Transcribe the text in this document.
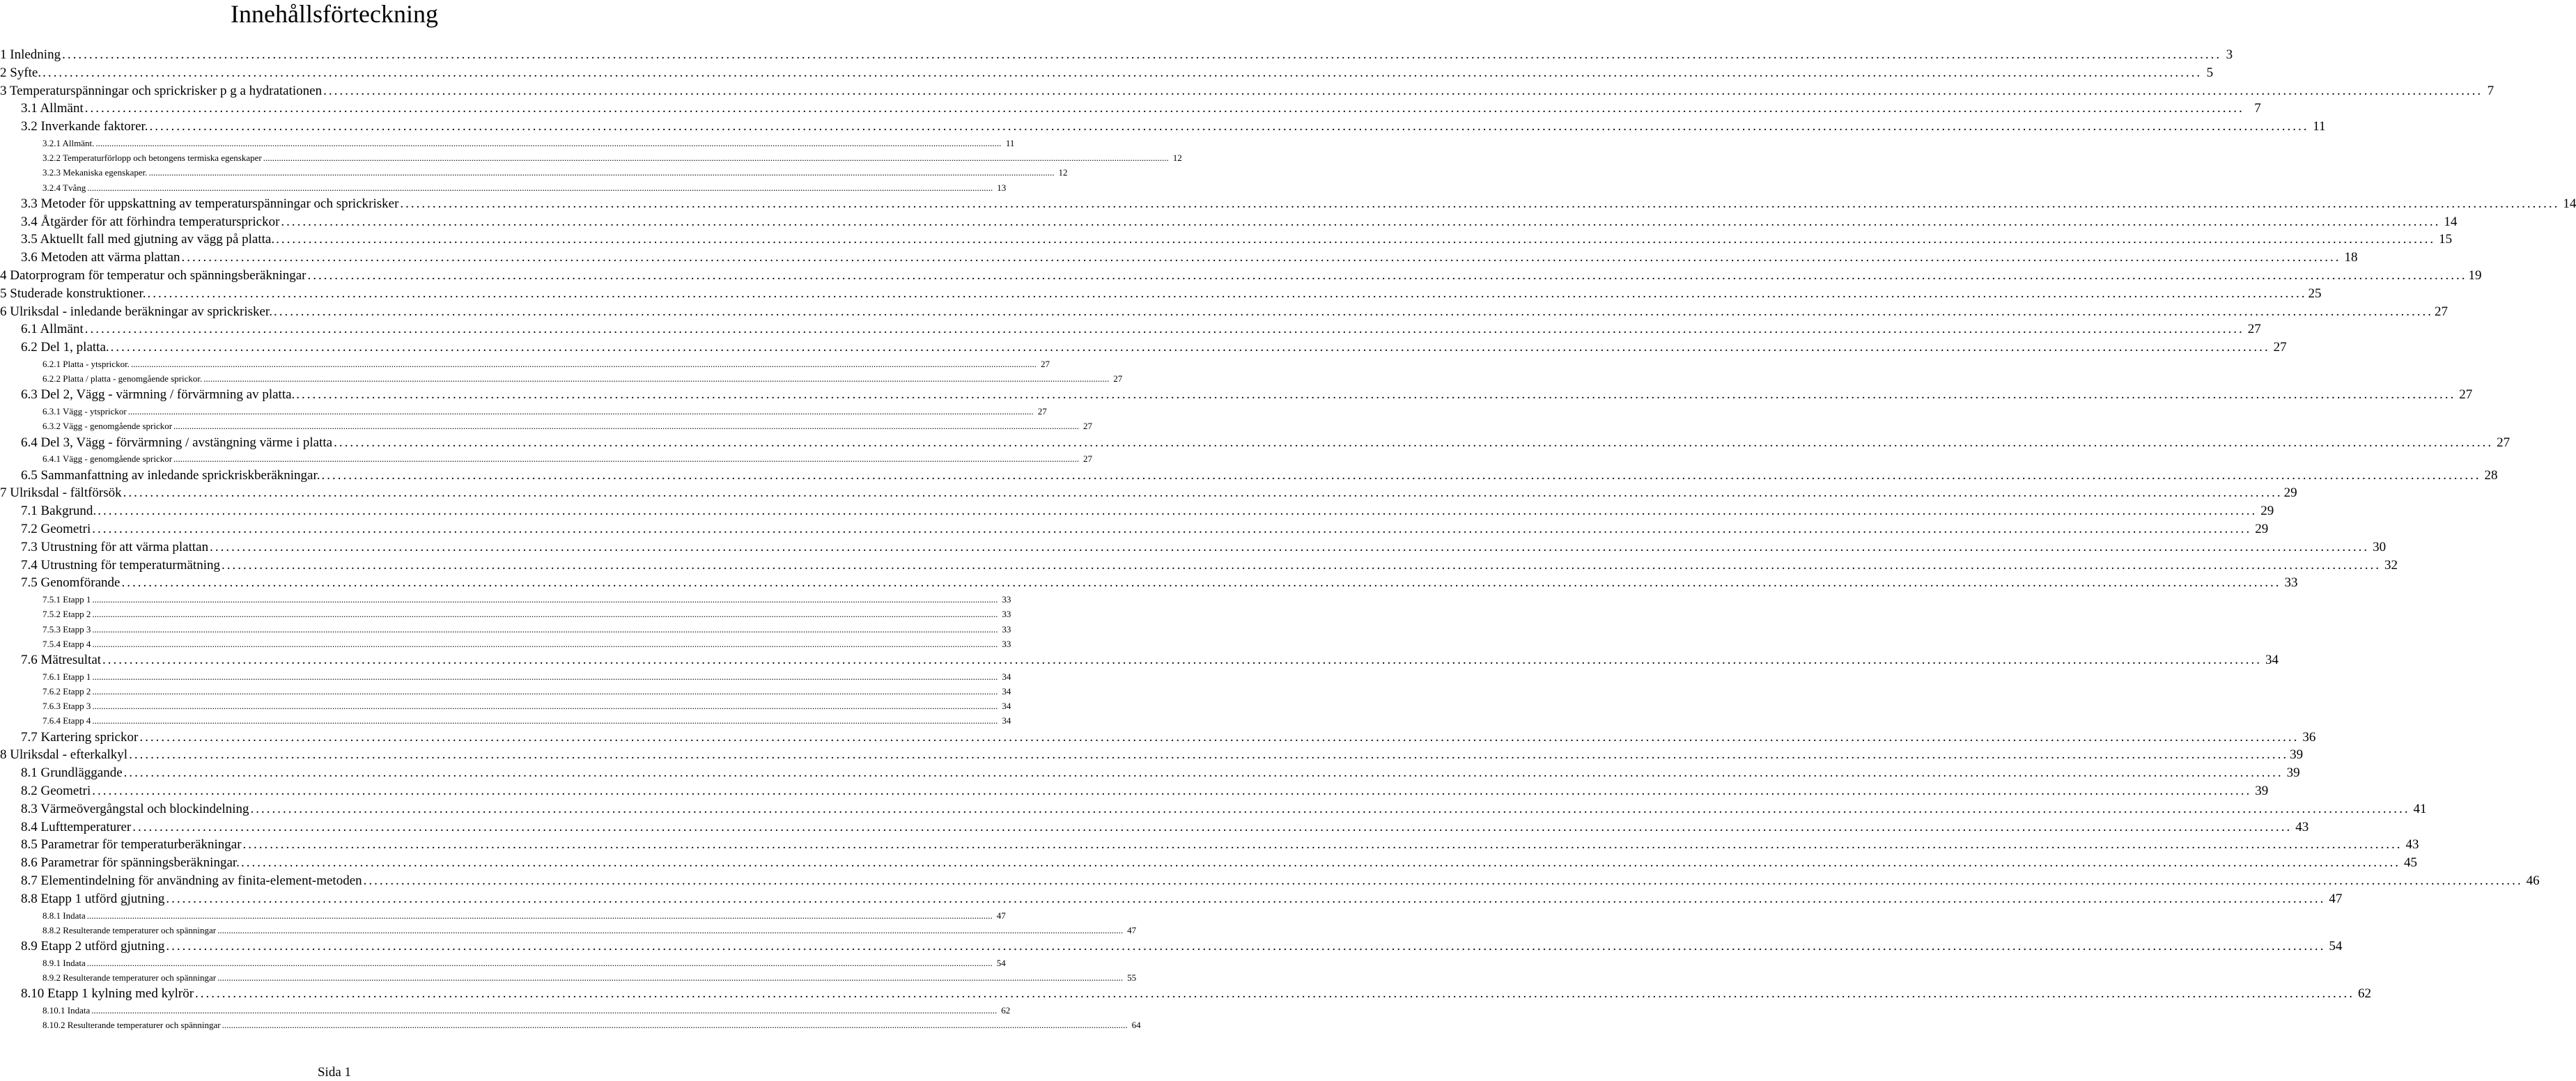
Innehållsförteckning
1 Inledning ................................................................................................................................................................................................................................................................................................................................................................................................................ 3
2 Syfte. ................................................................................................................................................................................................................................................................................................................................................................................................................ 5
3 Temperaturspänningar och sprickrisker p g a hydratationen ................................................................................................................................................................................................................................................................................................................................................................................................................ 7
3.1 Allmänt ................................................................................................................................................................................................................................................................................................................................................................................................................ 7
3.2 Inverkande faktorer. ................................................................................................................................................................................................................................................................................................................................................................................................................ 11
3.2.1 Allmänt. ................................................................................................................................................................................................................................................................................................................................................................................................................ 11
3.2.2 Temperaturförlopp och betongens termiska egenskaper ................................................................................................................................................................................................................................................................................................................................................................................................................ 12
3.2.3 Mekaniska egenskaper. ................................................................................................................................................................................................................................................................................................................................................................................................................ 12
3.2.4 Tvång ................................................................................................................................................................................................................................................................................................................................................................................................................ 13
3.3 Metoder för uppskattning av temperaturspänningar och sprickrisker ................................................................................................................................................................................................................................................................................................................................................................................................................ 14
3.4 Åtgärder för att förhindra temperatursprickor ................................................................................................................................................................................................................................................................................................................................................................................................................ 14
3.5 Aktuellt fall med gjutning av vägg på platta. ................................................................................................................................................................................................................................................................................................................................................................................................................ 15
3.6 Metoden att värma plattan ................................................................................................................................................................................................................................................................................................................................................................................................................ 18
4 Datorprogram för temperatur och spänningsberäkningar ................................................................................................................................................................................................................................................................................................................................................................................................................ 19
5 Studerade konstruktioner. ................................................................................................................................................................................................................................................................................................................................................................................................................ 25
6 Ulriksdal - inledande beräkningar av sprickrisker. ................................................................................................................................................................................................................................................................................................................................................................................................................ 27
6.1 Allmänt ................................................................................................................................................................................................................................................................................................................................................................................................................ 27
6.2 Del 1, platta. ................................................................................................................................................................................................................................................................................................................................................................................................................ 27
6.2.1 Platta - ytsprickor. ................................................................................................................................................................................................................................................................................................................................................................................................................ 27
6.2.2 Platta / platta - genomgående sprickor. ................................................................................................................................................................................................................................................................................................................................................................................................................ 27
6.3 Del 2, Vägg - värmning / förvärmning av platta. ................................................................................................................................................................................................................................................................................................................................................................................................................ 27
6.3.1 Vägg - ytsprickor ................................................................................................................................................................................................................................................................................................................................................................................................................ 27
6.3.2 Vägg - genomgående sprickor ................................................................................................................................................................................................................................................................................................................................................................................................................ 27
6.4 Del 3, Vägg - förvärmning / avstängning värme i platta ................................................................................................................................................................................................................................................................................................................................................................................................................ 27
6.4.1 Vägg - genomgående sprickor ................................................................................................................................................................................................................................................................................................................................................................................................................ 27
6.5 Sammanfattning av inledande sprickriskberäkningar. ................................................................................................................................................................................................................................................................................................................................................................................................................ 28
7 Ulriksdal - fältförsök ................................................................................................................................................................................................................................................................................................................................................................................................................ 29
7.1 Bakgrund. ................................................................................................................................................................................................................................................................................................................................................................................................................ 29
7.2 Geometri ................................................................................................................................................................................................................................................................................................................................................................................................................ 29
7.3 Utrustning för att värma plattan ................................................................................................................................................................................................................................................................................................................................................................................................................ 30
7.4 Utrustning för temperaturmätning ................................................................................................................................................................................................................................................................................................................................................................................................................ 32
7.5 Genomförande ................................................................................................................................................................................................................................................................................................................................................................................................................ 33
7.5.1 Etapp 1 ................................................................................................................................................................................................................................................................................................................................................................................................................ 33
7.5.2 Etapp 2 ................................................................................................................................................................................................................................................................................................................................................................................................................ 33
7.5.3 Etapp 3 ................................................................................................................................................................................................................................................................................................................................................................................................................ 33
7.5.4 Etapp 4 ................................................................................................................................................................................................................................................................................................................................................................................................................ 33
7.6 Mätresultat ................................................................................................................................................................................................................................................................................................................................................................................................................ 34
7.6.1 Etapp 1 ................................................................................................................................................................................................................................................................................................................................................................................................................ 34
7.6.2 Etapp 2 ................................................................................................................................................................................................................................................................................................................................................................................................................ 34
7.6.3 Etapp 3 ................................................................................................................................................................................................................................................................................................................................................................................................................ 34
7.6.4 Etapp 4 ................................................................................................................................................................................................................................................................................................................................................................................................................ 34
7.7 Kartering sprickor ................................................................................................................................................................................................................................................................................................................................................................................................................ 36
8 Ulriksdal - efterkalkyl ................................................................................................................................................................................................................................................................................................................................................................................................................ 39
8.1 Grundläggande ................................................................................................................................................................................................................................................................................................................................................................................................................ 39
8.2 Geometri ................................................................................................................................................................................................................................................................................................................................................................................................................ 39
8.3 Värmeövergångstal och blockindelning ................................................................................................................................................................................................................................................................................................................................................................................................................ 41
8.4 Lufttemperaturer ................................................................................................................................................................................................................................................................................................................................................................................................................ 43
8.5 Parametrar för temperaturberäkningar ................................................................................................................................................................................................................................................................................................................................................................................................................ 43
8.6 Parametrar för spänningsberäkningar. ................................................................................................................................................................................................................................................................................................................................................................................................................ 45
8.7 Elementindelning för användning av finita-element-metoden ................................................................................................................................................................................................................................................................................................................................................................................................................ 46
8.8 Etapp 1 utförd gjutning ................................................................................................................................................................................................................................................................................................................................................................................................................ 47
8.8.1 Indata ................................................................................................................................................................................................................................................................................................................................................................................................................ 47
8.8.2 Resulterande temperaturer och spänningar ................................................................................................................................................................................................................................................................................................................................................................................................................ 47
8.9 Etapp 2 utförd gjutning ................................................................................................................................................................................................................................................................................................................................................................................................................ 54
8.9.1 Indata ................................................................................................................................................................................................................................................................................................................................................................................................................ 54
8.9.2 Resulterande temperaturer och spänningar ................................................................................................................................................................................................................................................................................................................................................................................................................ 55
8.10 Etapp 1 kylning med kylrör ................................................................................................................................................................................................................................................................................................................................................................................................................ 62
8.10.1 Indata ................................................................................................................................................................................................................................................................................................................................................................................................................ 62
8.10.2 Resulterande temperaturer och spänningar ................................................................................................................................................................................................................................................................................................................................................................................................................ 64
Sida 1
